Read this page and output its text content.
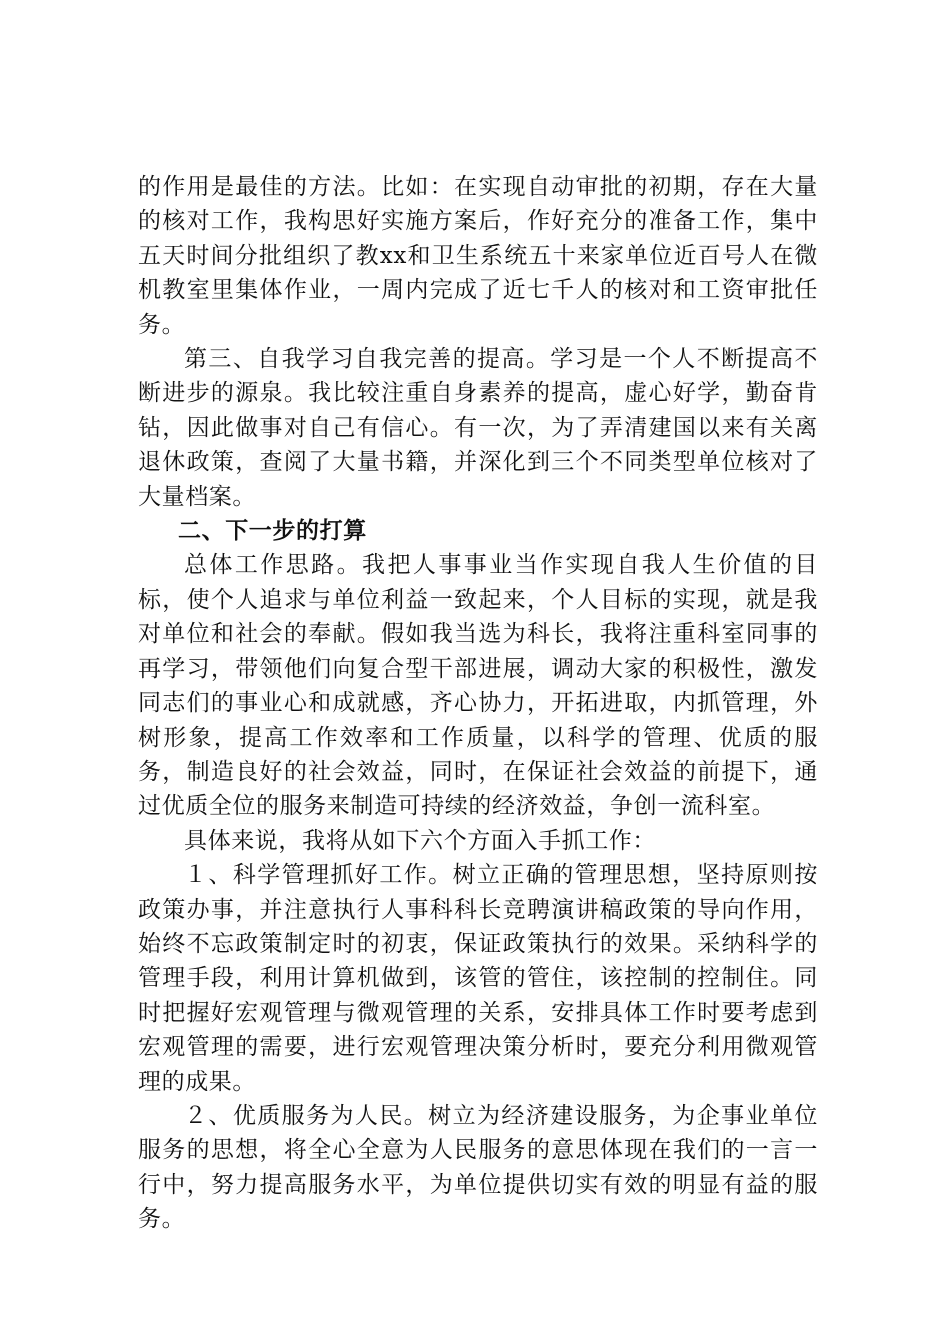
的作用是最佳的方法。比如：在实现自动审批的初期，存在大量的核对工作，我构思好实施方案后，作好充分的准备工作，集中五天时间分批组织了教xx和卫生系统五十来家单位近百号人在微机教室里集体作业，一周内完成了近七千人的核对和工资审批任务。

第三、自我学习自我完善的提高。学习是一个人不断提高不断进步的源泉。我比较注重自身素养的提高，虚心好学，勤奋肯钻，因此做事对自己有信心。有一次，为了弄清建国以来有关离退休政策，查阅了大量书籍，并深化到三个不同类型单位核对了大量档案。

二、下一步的打算

总体工作思路。我把人事事业当作实现自我人生价值的目标，使个人追求与单位利益一致起来，个人目标的实现，就是我对单位和社会的奉献。假如我当选为科长，我将注重科室同事的再学习，带领他们向复合型干部进展，调动大家的积极性，激发同志们的事业心和成就感，齐心协力，开拓进取，内抓管理，外树形象，提高工作效率和工作质量，以科学的管理、优质的服务，制造良好的社会效益，同时，在保证社会效益的前提下，通过优质全位的服务来制造可持续的经济效益，争创一流科室。

具体来说，我将从如下六个方面入手抓工作：

１、科学管理抓好工作。树立正确的管理思想，坚持原则按政策办事，并注意执行人事科科长竞聘演讲稿政策的导向作用，始终不忘政策制定时的初衷，保证政策执行的效果。采纳科学的管理手段，利用计算机做到，该管的管住，该控制的控制住。同时把握好宏观管理与微观管理的关系，安排具体工作时要考虑到宏观管理的需要，进行宏观管理决策分析时，要充分利用微观管理的成果。

２、优质服务为人民。树立为经济建设服务，为企事业单位服务的思想，将全心全意为人民服务的意思体现在我们的一言一行中，努力提高服务水平，为单位提供切实有效的明显有益的服务。
